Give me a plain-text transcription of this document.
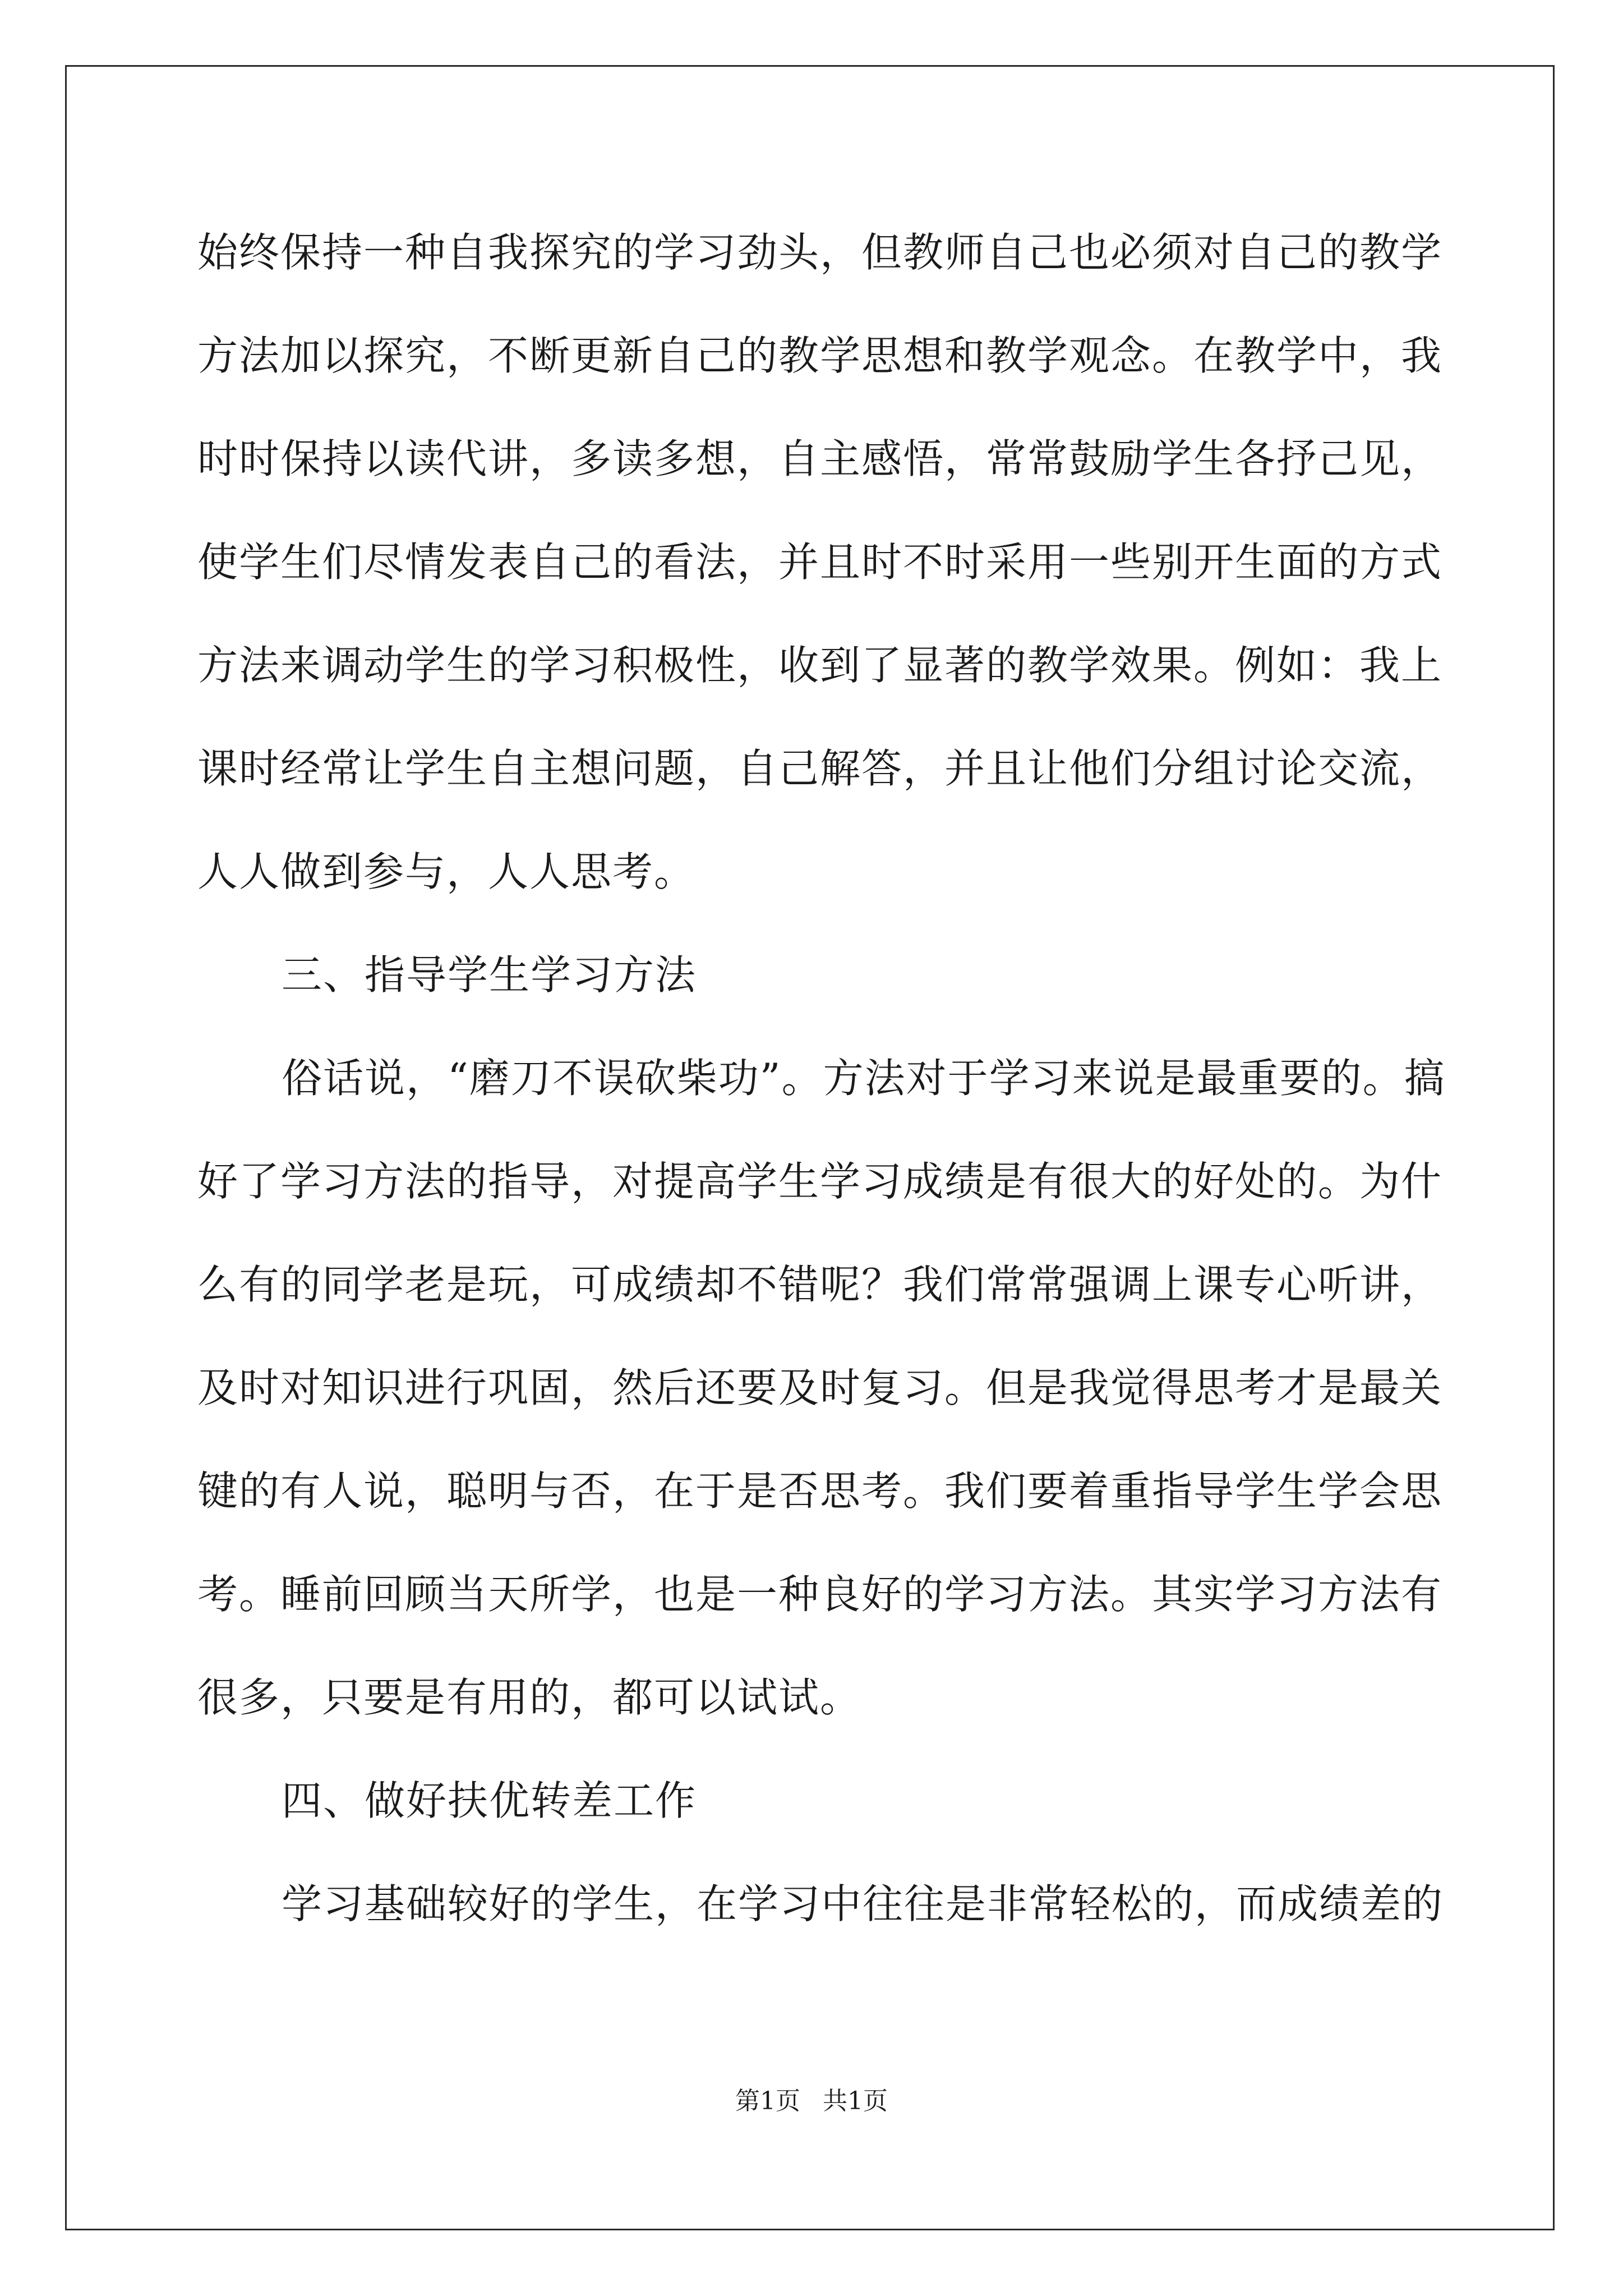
始终保持一种自我探究的学习劲头，但教师自己也必须对自己的教学
方法加以探究，不断更新自己的教学思想和教学观念。在教学中，我
时时保持以读代讲，多读多想，自主感悟，常常鼓励学生各抒己见，
使学生们尽情发表自己的看法，并且时不时采用一些别开生面的方式
方法来调动学生的学习积极性，收到了显著的教学效果。例如：我上
课时经常让学生自主想问题，自己解答，并且让他们分组讨论交流，
人人做到参与，人人思考。
三、指导学生学习方法
俗话说，“磨刀不误砍柴功”。方法对于学习来说是最重要的。搞
好了学习方法的指导，对提高学生学习成绩是有很大的好处的。为什
么有的同学老是玩，可成绩却不错呢？我们常常强调上课专心听讲，
及时对知识进行巩固，然后还要及时复习。但是我觉得思考才是最关
键的有人说，聪明与否，在于是否思考。我们要着重指导学生学会思
考。睡前回顾当天所学，也是一种良好的学习方法。其实学习方法有
很多，只要是有用的，都可以试试。
四、做好扶优转差工作
学习基础较好的学生，在学习中往往是非常轻松的，而成绩差的
第1页 共1页
